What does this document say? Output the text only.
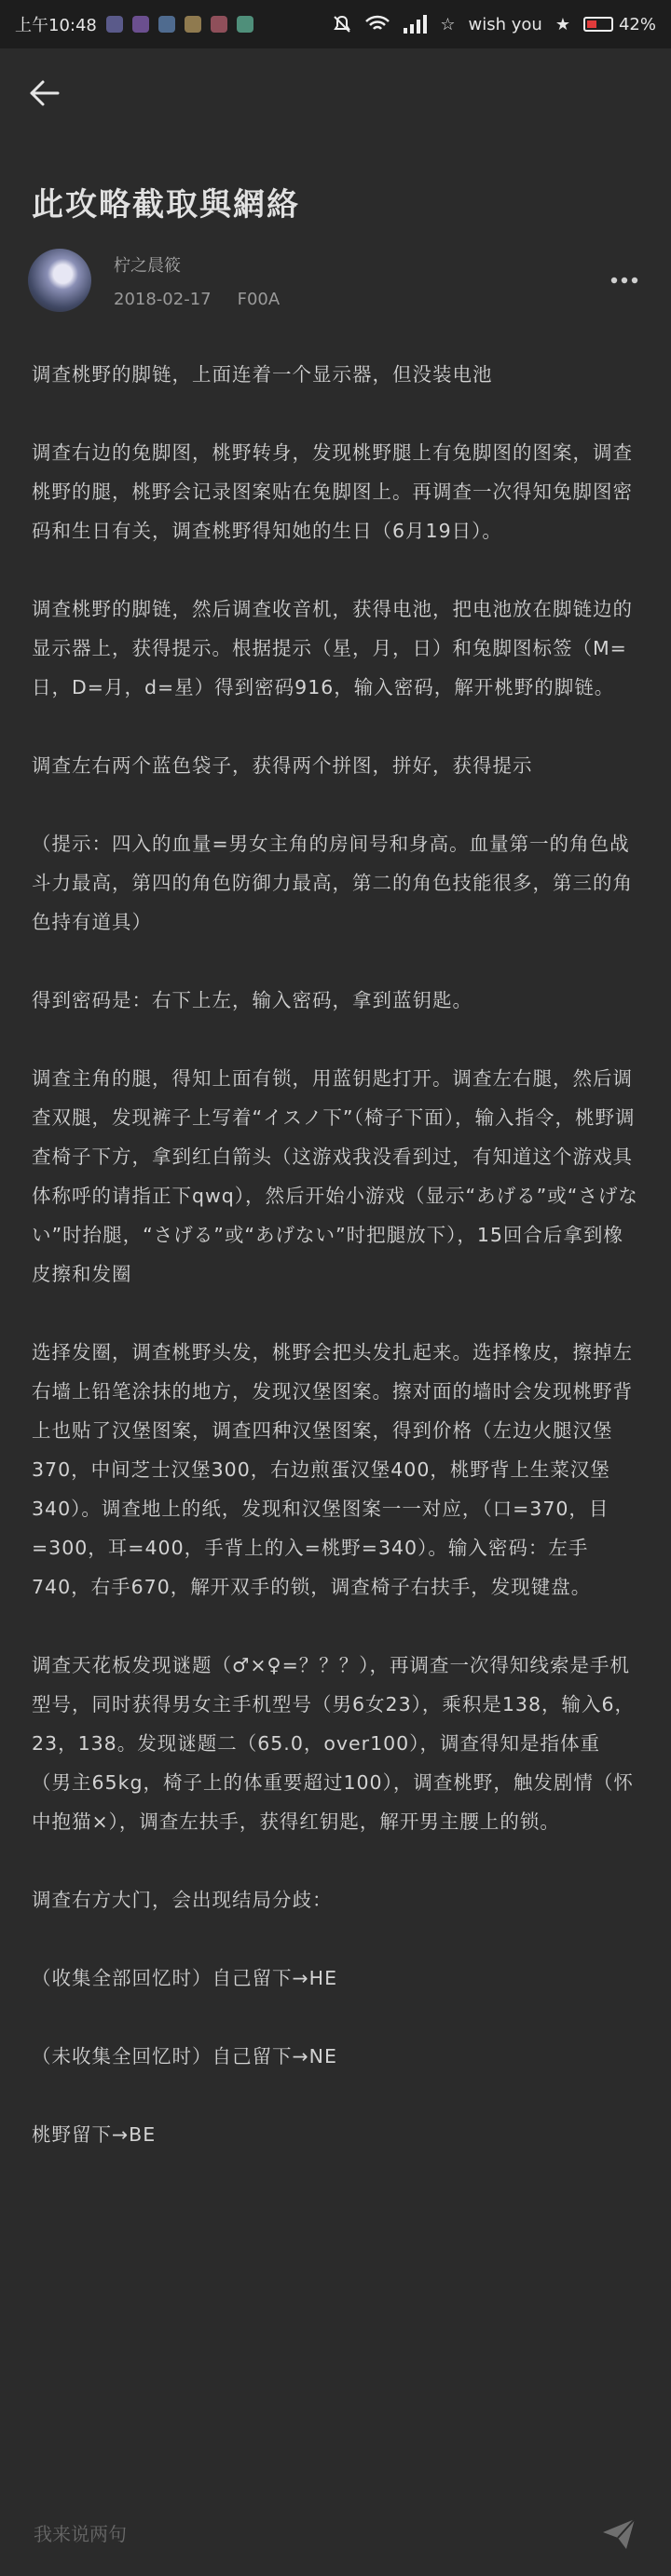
上午10:48	☆ wish you ★	42%
此攻略截取與網絡
柠之晨筱
2018-02-17 F00A

调查桃野的脚链，上面连着一个显示器，但没装电池

调查右边的兔脚图，桃野转身，发现桃野腿上有兔脚图的图案，调查桃野的腿，桃野会记录图案贴在兔脚图上。再调查一次得知兔脚图密码和生日有关，调查桃野得知她的生日（6月19日）。

调查桃野的脚链，然后调查收音机，获得电池，把电池放在脚链边的显示器上，获得提示。根据提示（星，月，日）和兔脚图标签（M=日，D=月，d=星）得到密码916，输入密码，解开桃野的脚链。

调查左右两个蓝色袋子，获得两个拼图，拼好，获得提示

（提示：四入的血量=男女主角的房间号和身高。血量第一的角色战斗力最高，第四的角色防御力最高，第二的角色技能很多，第三的角色持有道具）

得到密码是：右下上左，输入密码，拿到蓝钥匙。

调查主角的腿，得知上面有锁，用蓝钥匙打开。调查左右腿，然后调查双腿，发现裤子上写着“イスノ下”（椅子下面），输入指令，桃野调查椅子下方，拿到红白箭头（这游戏我没看到过，有知道这个游戏具体称呼的请指正下qwq），然后开始小游戏（显示“あげる”或“さげない”时抬腿，“さげる”或“あげない”时把腿放下），15回合后拿到橡皮擦和发圈

选择发圈，调查桃野头发，桃野会把头发扎起来。选择橡皮，擦掉左右墙上铅笔涂抹的地方，发现汉堡图案。擦对面的墙时会发现桃野背上也贴了汉堡图案，调查四种汉堡图案，得到价格（左边火腿汉堡370，中间芝士汉堡300，右边煎蛋汉堡400，桃野背上生菜汉堡340）。调查地上的纸，发现和汉堡图案一一对应，（口=370，目=300，耳=400，手背上的入=桃野=340）。输入密码：左手740，右手670，解开双手的锁，调查椅子右扶手，发现键盘。

调查天花板发现谜题（♂×♀=？？？），再调查一次得知线索是手机型号，同时获得男女主手机型号（男6女23），乘积是138，输入6，23，138。发现谜题二（65.0，over100），调查得知是指体重（男主65kg，椅子上的体重要超过100），调查桃野，触发剧情（怀中抱猫×），调查左扶手，获得红钥匙，解开男主腰上的锁。

调查右方大门，会出现结局分歧：

（收集全部回忆时）自己留下→HE

（未收集全回忆时）自己留下→NE

桃野留下→BE

我来说两句
